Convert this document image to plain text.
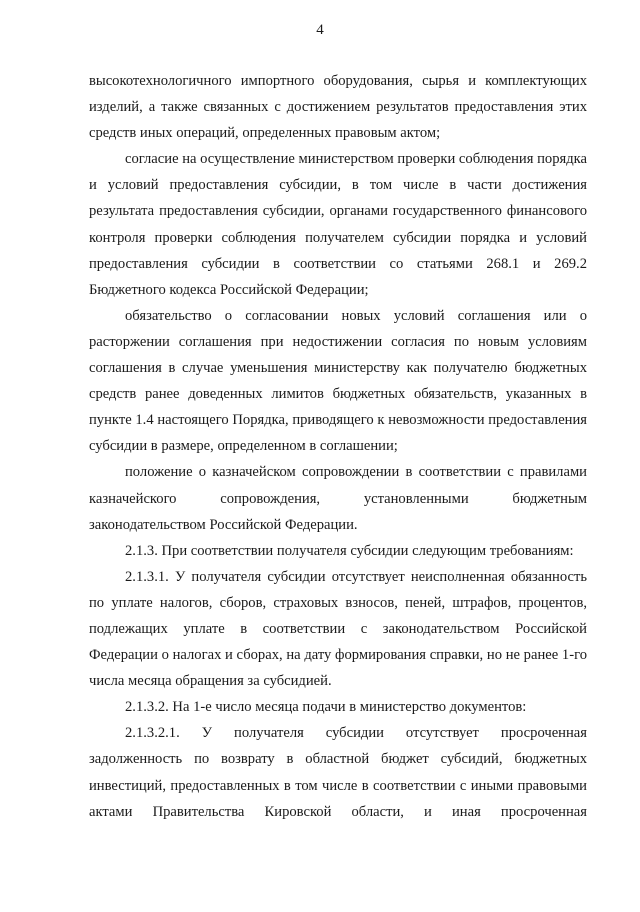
4

высокотехнологичного импортного оборудования, сырья и комплектующих изделий, а также связанных с достижением результатов предоставления этих средств иных операций, определенных правовым актом;

согласие на осуществление министерством проверки соблюдения порядка и условий предоставления субсидии, в том числе в части достижения результата предоставления субсидии, органами государственного финансового контроля проверки соблюдения получателем субсидии порядка и условий предоставления субсидии в соответствии со статьями 268.1 и 269.2 Бюджетного кодекса Российской Федерации;

обязательство о согласовании новых условий соглашения или о расторжении соглашения при недостижении согласия по новым условиям соглашения в случае уменьшения министерству как получателю бюджетных средств ранее доведенных лимитов бюджетных обязательств, указанных в пункте 1.4 настоящего Порядка, приводящего к невозможности предоставления субсидии в размере, определенном в соглашении;

положение о казначейском сопровождении в соответствии с правилами казначейского сопровождения, установленными бюджетным законодательством Российской Федерации.

2.1.3. При соответствии получателя субсидии следующим требованиям:

2.1.3.1. У получателя субсидии отсутствует неисполненная обязанность по уплате налогов, сборов, страховых взносов, пеней, штрафов, процентов, подлежащих уплате в соответствии с законодательством Российской Федерации о налогах и сборах, на дату формирования справки, но не ранее 1-го числа месяца обращения за субсидией.

2.1.3.2. На 1-е число месяца подачи в министерство документов:

2.1.3.2.1. У получателя субсидии отсутствует просроченная задолженность по возврату в областной бюджет субсидий, бюджетных инвестиций, предоставленных в том числе в соответствии с иными правовыми актами Правительства Кировской области, и иная просроченная
